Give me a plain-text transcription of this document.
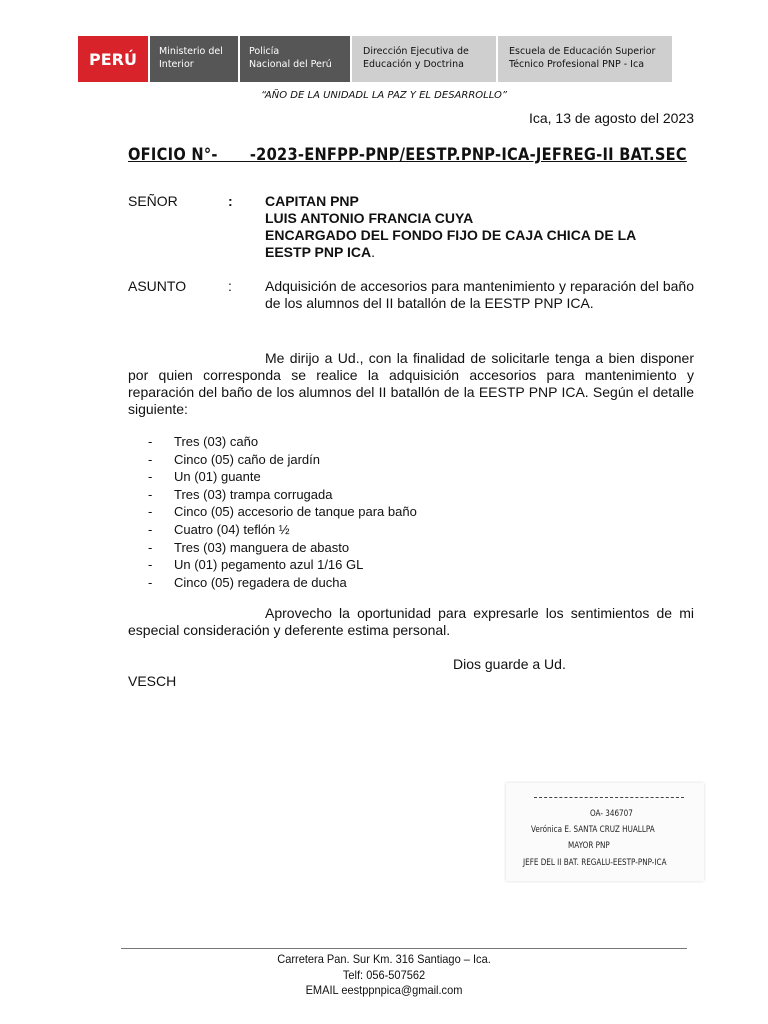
PERÚ	Ministerio del
Interior
Policía
Nacional del Perú
Dirección Ejecutiva de
Educación y Doctrina
Escuela de Educación Superior
Técnico Profesional PNP - Ica
“AÑO DE LA UNIDADL LA PAZ Y EL DESARROLLO”
Ica, 13 de agosto del 2023
OFICIO N°-      -2023-ENFPP-PNP/EESTP.PNP-ICA-JEFREG-II BAT.SEC
SEÑOR	: CAPITAN PNP
LUIS ANTONIO FRANCIA CUYA
ENCARGADO DEL FONDO FIJO DE CAJA CHICA DE LA
EESTP PNP ICA.
ASUNTO	: Adquisición de accesorios para mantenimiento y reparación del baño de los alumnos del II batallón de la EESTP PNP ICA.

Me dirijo a Ud., con la finalidad de solicitarle tenga a bien disponer por quien corresponda se realice la adquisición accesorios para mantenimiento y reparación del baño de los alumnos del II batallón de la EESTP PNP ICA. Según el detalle siguiente:

- Tres (03) caño
- Cinco (05) caño de jardín
- Un (01) guante
- Tres (03) trampa corrugada
- Cinco (05) accesorio de tanque para baño
- Cuatro (04) teflón ½
- Tres (03) manguera de abasto
- Un (01) pegamento azul 1/16 GL
- Cinco (05) regadera de ducha

Aprovecho la oportunidad para expresarle los sentimientos de mi especial consideración y deferente estima personal.

Dios guarde a Ud.
VESCH
OA- 346707
Verónica E. SANTA CRUZ HUALLPA
MAYOR PNP
JEFE DEL II BAT. REGALU-EESTP-PNP-ICA
Carretera Pan. Sur Km. 316 Santiago – Ica.
Telf: 056-507562
EMAIL eestppnpica@gmail.com
